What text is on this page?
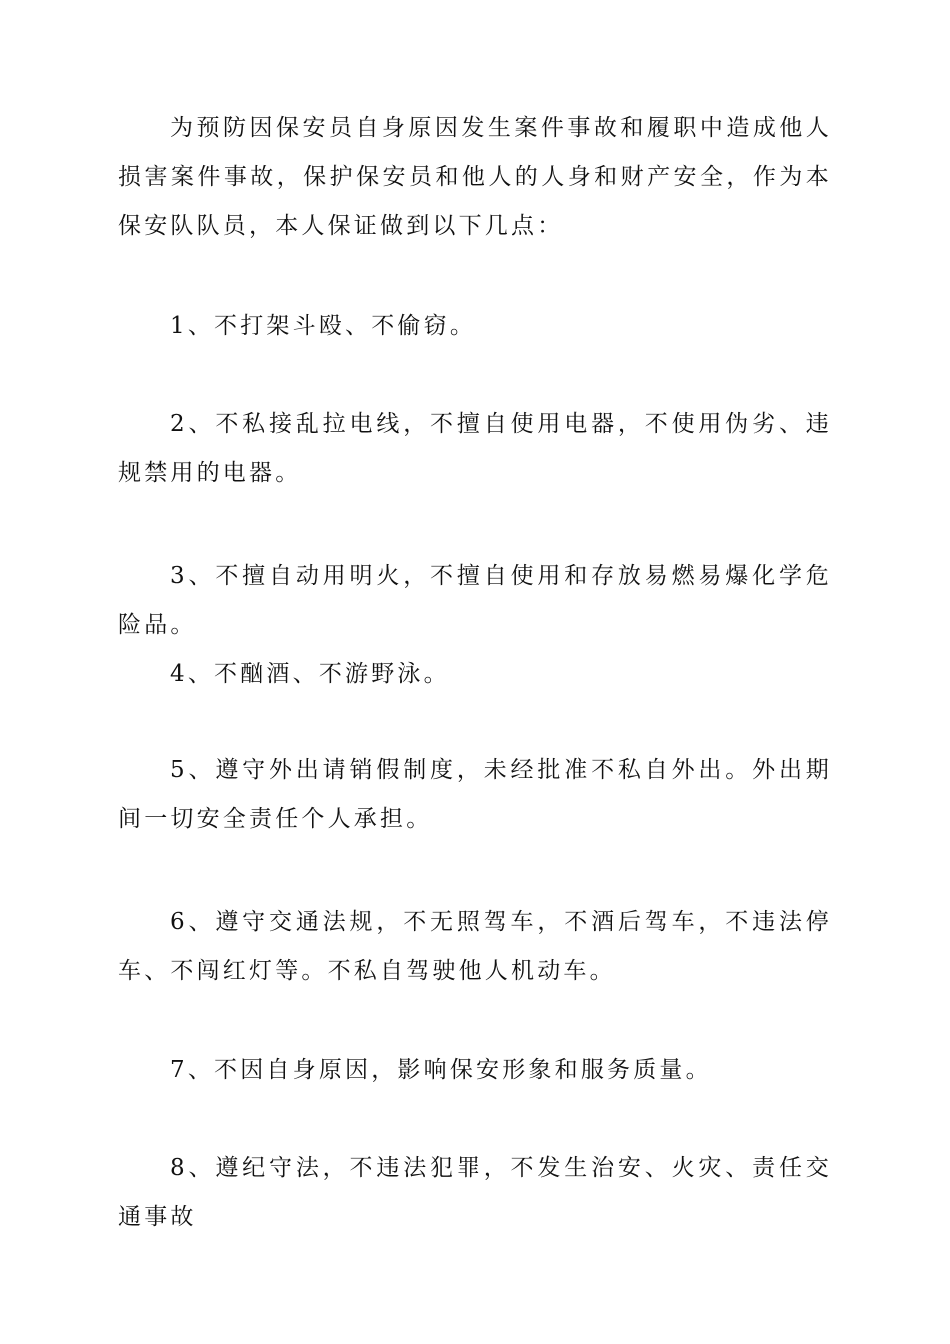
为预防因保安员自身原因发生案件事故和履职中造成他人损害案件事故，保护保安员和他人的人身和财产安全，作为本保安队队员，本人保证做到以下几点：

1、不打架斗殴、不偷窃。

2、不私接乱拉电线，不擅自使用电器，不使用伪劣、违规禁用的电器。

3、不擅自动用明火，不擅自使用和存放易燃易爆化学危险品。

4、不酗酒、不游野泳。

5、遵守外出请销假制度，未经批准不私自外出。外出期间一切安全责任个人承担。

6、遵守交通法规，不无照驾车，不酒后驾车，不违法停车、不闯红灯等。不私自驾驶他人机动车。

7、不因自身原因，影响保安形象和服务质量。

8、遵纪守法，不违法犯罪，不发生治安、火灾、责任交通事故
